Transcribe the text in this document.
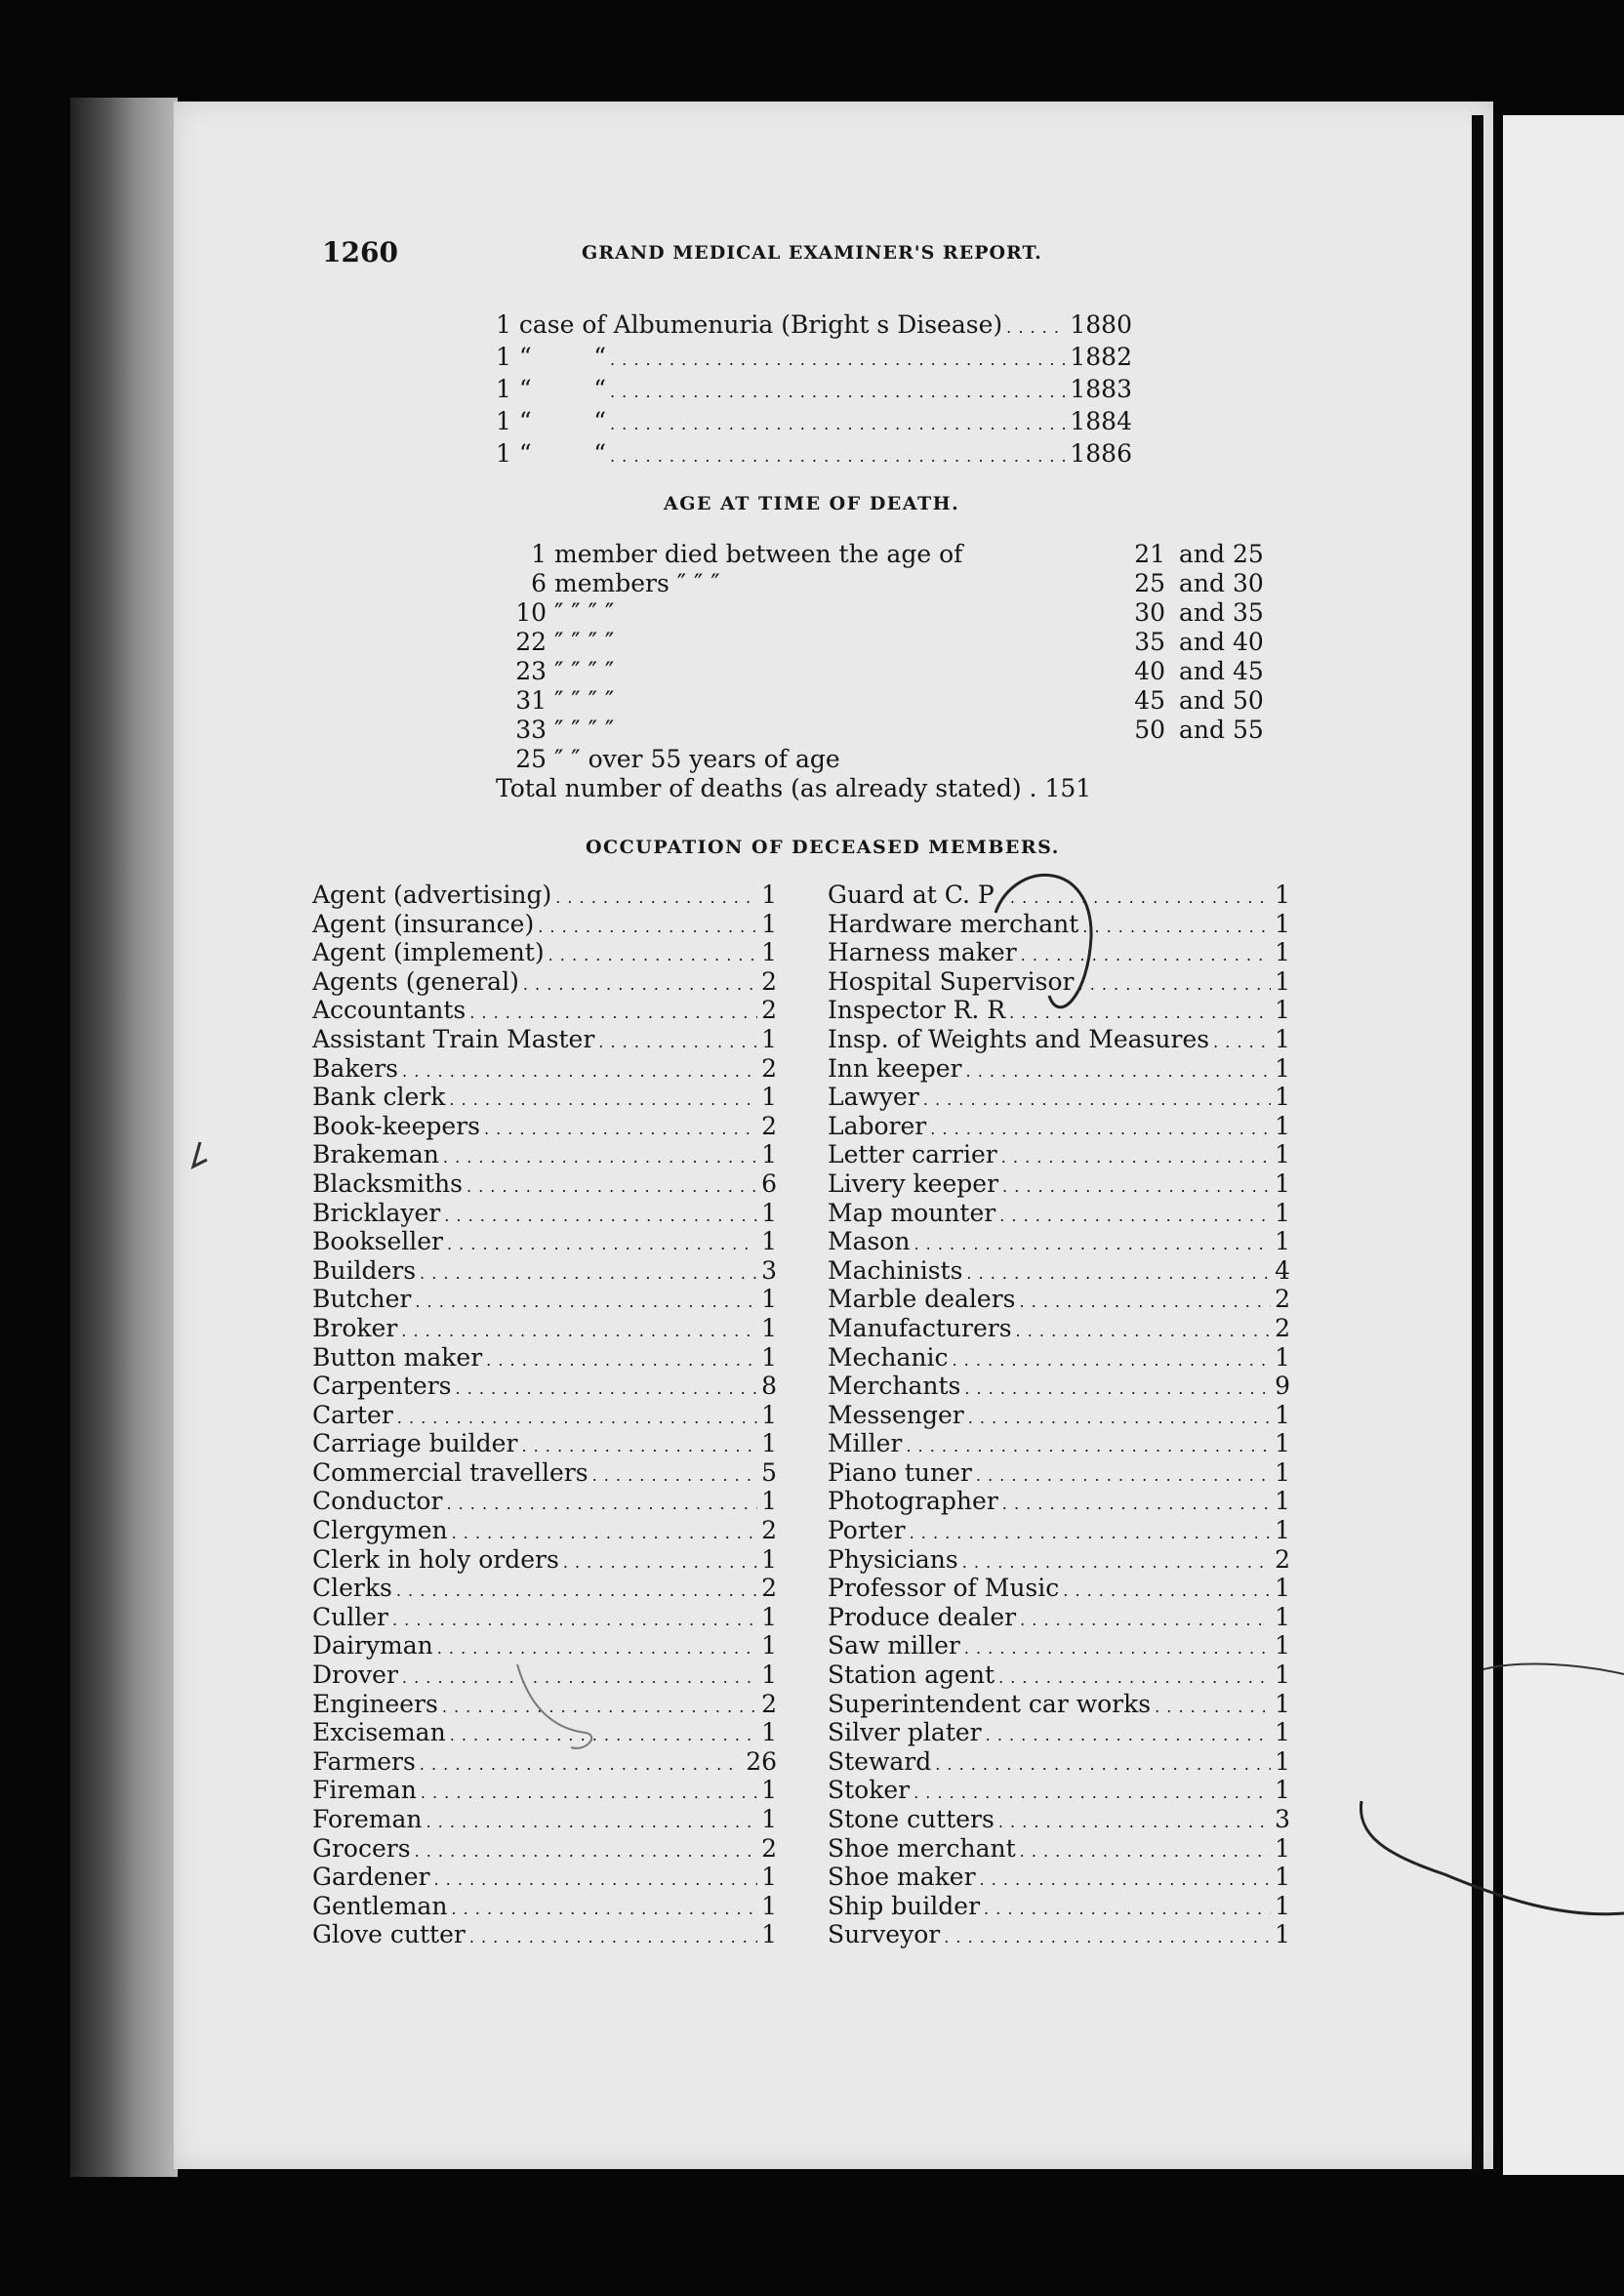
1260	GRAND MEDICAL EXAMINER'S REPORT.
1 case of Albumenuria (Bright s Disease) . . .	1880
1 “        “ . . .	1882
1 “        “ . . .	1883
1 “        “ . . .	1884
1 “        “ . . .	1886
AGE AT TIME OF DEATH.
1 member died between the age of	21 and 25
6 members ″ ″ ″	25 and 30
10 ″ ″ ″ ″	30 and 35
22 ″ ″ ″ ″	35 and 40
23 ″ ″ ″ ″	40 and 45
31 ″ ″ ″ ″	45 and 50
33 ″ ″ ″ ″	50 and 55
25 ″ ″ over 55 years of age
Total number of deaths (as already stated) . 151
OCCUPATION OF DECEASED MEMBERS.
Agent (advertising) . . .	1
Agent (insurance) . . .	1
Agent (implement) . . .	1
Agents (general) . . .	2
Accountants . . .	2
Assistant Train Master . . .	1
Bakers . . .	2
Bank clerk . . .	1
Book-keepers . . .	2
Brakeman . . .	1
Blacksmiths . . .	6
Bricklayer . . .	1
Bookseller . . .	1
Builders . . .	3
Butcher . . .	1
Broker . . .	1
Button maker . . .	1
Carpenters . . .	8
Carter . . .	1
Carriage builder . . .	1
Commercial travellers . . .	5
Conductor . . .	1
Clergymen . . .	2
Clerk in holy orders . . .	1
Clerks . . .	2
Culler . . .	1
Dairyman . . .	1
Drover . . .	1
Engineers . . .	2
Exciseman . . .	1
Farmers . . .	26
Fireman . . .	1
Foreman . . .	1
Grocers . . .	2
Gardener . . .	1
Gentleman . . .	1
Glove cutter . . .	1
Guard at C. P . . .	1
Hardware merchant . . .	1
Harness maker . . .	1
Hospital Supervisor . . .	1
Inspector R. R . . .	1
Insp. of Weights and Measures . . .	1
Inn keeper . . .	1
Lawyer . . .	1
Laborer . . .	1
Letter carrier . . .	1
Livery keeper . . .	1
Map mounter . . .	1
Mason . . .	1
Machinists . . .	4
Marble dealers . . .	2
Manufacturers . . .	2
Mechanic . . .	1
Merchants . . .	9
Messenger . . .	1
Miller . . .	1
Piano tuner . . .	1
Photographer . . .	1
Porter . . .	1
Physicians . . .	2
Professor of Music . . .	1
Produce dealer . . .	1
Saw miller . . .	1
Station agent . . .	1
Superintendent car works . . .	1
Silver plater . . .	1
Steward . . .	1
Stoker . . .	1
Stone cutters . . .	3
Shoe merchant . . .	1
Shoe maker . . .	1
Ship builder . . .	1
Surveyor . . .	1
